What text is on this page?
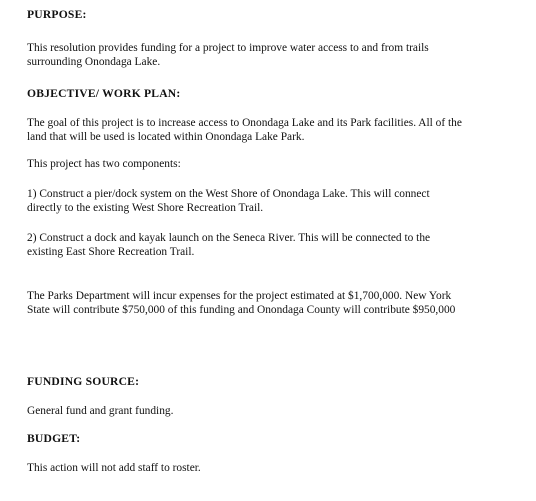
PURPOSE:
This resolution provides funding for a project to improve water access to and from trails
surrounding Onondaga Lake.
OBJECTIVE/ WORK PLAN:
The goal of this project is to increase access to Onondaga Lake and its Park facilities. All of the
land that will be used is located within Onondaga Lake Park.
This project has two components:
1) Construct a pier/dock system on the West Shore of Onondaga Lake. This will connect
directly to the existing West Shore Recreation Trail.
2) Construct a dock and kayak launch on the Seneca River. This will be connected to the
existing East Shore Recreation Trail.
The Parks Department will incur expenses for the project estimated at $1,700,000. New York
State will contribute $750,000 of this funding and Onondaga County will contribute $950,000
FUNDING SOURCE:
General fund and grant funding.
BUDGET:
This action will not add staff to roster.
